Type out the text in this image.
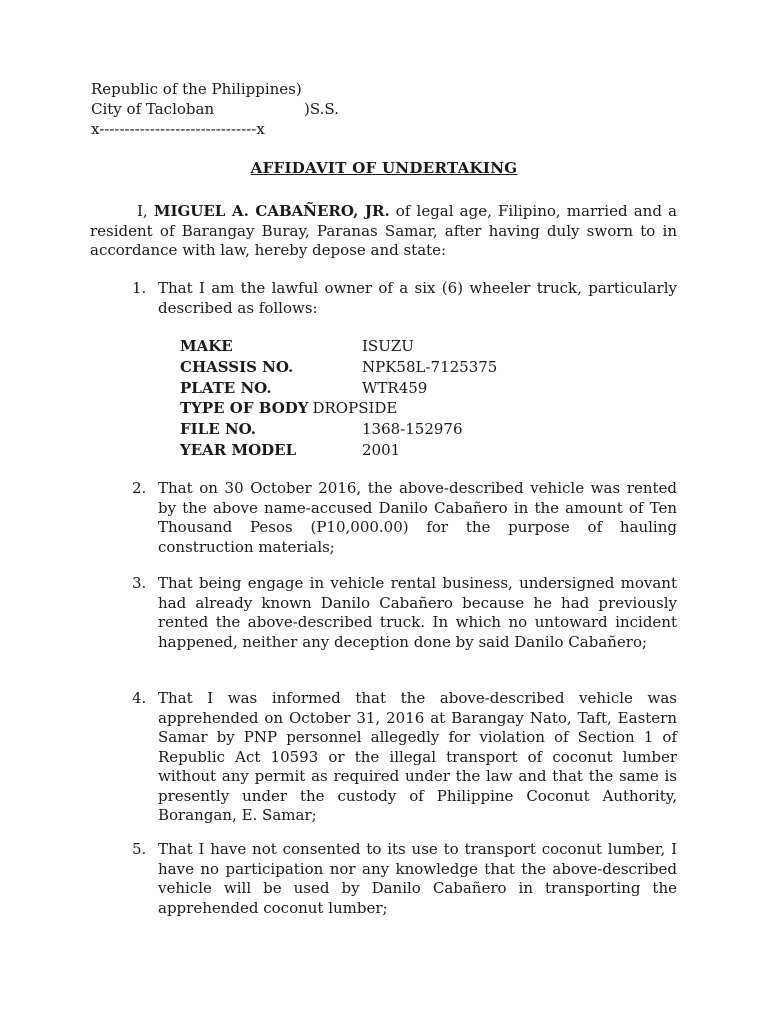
Republic of the Philippines)
City of Tacloban	)S.S.
x-------------------------------x
AFFIDAVIT OF UNDERTAKING
I, MIGUEL A. CABAÑERO, JR. of legal age, Filipino, married and a resident of Barangay Buray, Paranas Samar, after having duly sworn to in accordance with law, hereby depose and state:
1. That I am the lawful owner of a six (6) wheeler truck, particularly described as follows:
MAKE	ISUZU
CHASSIS NO.	NPK58L-7125375
PLATE NO.	WTR459
TYPE OF BODY DROPSIDE
FILE NO.	1368-152976
YEAR MODEL	2001
2. That on 30 October 2016, the above-described vehicle was rented by the above name-accused Danilo Cabañero in the amount of Ten Thousand Pesos (P10,000.00) for the purpose of hauling construction materials;
3. That being engage in vehicle rental business, undersigned movant had already known Danilo Cabañero because he had previously rented the above-described truck. In which no untoward incident happened, neither any deception done by said Danilo Cabañero;
4. That I was informed that the above-described vehicle was apprehended on October 31, 2016 at Barangay Nato, Taft, Eastern Samar by PNP personnel allegedly for violation of Section 1 of Republic Act 10593 or the illegal transport of coconut lumber without any permit as required under the law and that the same is presently under the custody of Philippine Coconut Authority, Borangan, E. Samar;
5. That I have not consented to its use to transport coconut lumber, I have no participation nor any knowledge that the above-described vehicle will be used by Danilo Cabañero in transporting the apprehended coconut lumber;
